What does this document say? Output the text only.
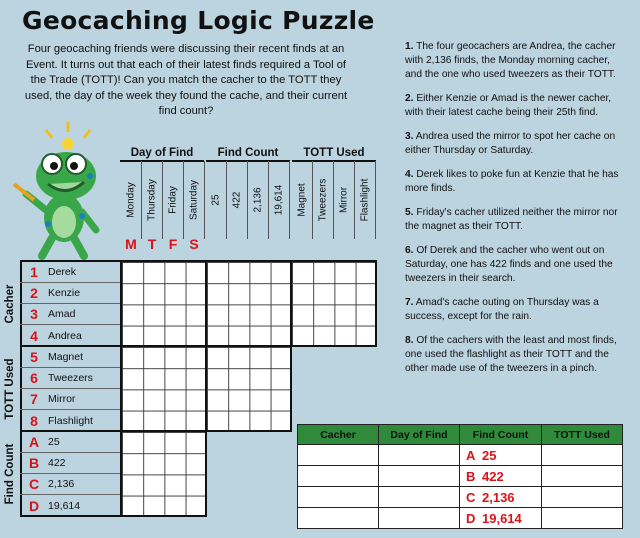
Geocaching Logic Puzzle
Four geocaching friends were discussing their recent finds at an Event. It turns out that each of their latest finds required a Tool of the Trade (TOTT)! Can you match the cacher to the TOTT they used, the day of the week they found the cache, and their current find count?
Day of Find	Find Count	TOTT Used
Monday Thursday Friday Saturday 25 422 2,136 19,614 Magnet Tweezers Mirror Flashlight
M T F S
Cacher
TOTT Used
Find Count
1 Derek
2 Kenzie
3 Amad
4 Andrea
5 Magnet
6 Tweezers
7 Mirror
8 Flashlight
A 25
B 422
C 2,136
D 19,614
1. The four geocachers are Andrea, the cacher with 2,136 finds, the Monday morning cacher, and the one who used tweezers as their TOTT.
2. Either Kenzie or Amad is the newer cacher, with their latest cache being their 25th find.
3. Andrea used the mirror to spot her cache on either Thursday or Saturday.
4. Derek likes to poke fun at Kenzie that he has more finds.
5. Friday's cacher utilized neither the mirror nor the magnet as their TOTT.
6. Of Derek and the cacher who went out on Saturday, one has 422 finds and one used the tweezers in their search.
7. Amad's cache outing on Thursday was a success, except for the rain.
8. Of the cachers with the least and most finds, one used the flashlight as their TOTT and the other made use of the tweezers in a pinch.
Cacher	Day of Find	Find Count	TOTT Used
		A 25	
		B 422	
		C 2,136	
		D 19,614	
